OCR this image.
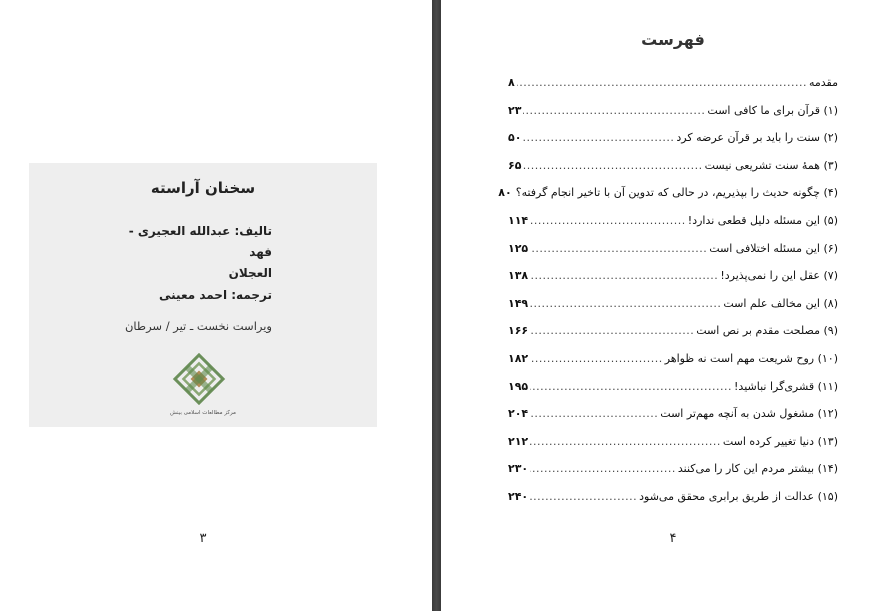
سخنان آراسته
تالیف: عبدالله العجیری - فهد
العجلان
ترجمه: احمد معینی
ویراست نخست ـ تیر / سرطان
مرکز مطالعات اسلامی بینش
۳
فهرست
مقدمه
.....
۸
(۱) قرآن برای ما کافی است
.....
۲۳
(۲) سنت را باید بر قرآن عرضه کرد
.....
۵۰
(۳) همهٔ سنت تشریعی نیست
.....
۶۵
(۴) چگونه حدیث را بپذیریم، در حالی که تدوین آن با تاخیر انجام گرفته؟
۸۰
(۵) این مسئله دلیل قطعی ندارد!
.....
۱۱۴
(۶) این مسئله اختلافی است
.....
۱۲۵
(۷) عقل این را نمی‌پذیرد!
.....
۱۳۸
(۸) این مخالف علم است
.....
۱۴۹
(۹) مصلحت مقدم بر نص است
.....
۱۶۶
(۱۰) روح شریعت مهم است نه ظواهر
.....
۱۸۲
(۱۱) قشری‌گرا نباشید!
.....
۱۹۵
(۱۲) مشغول شدن به آنچه مهم‌تر است
.....
۲۰۴
(۱۳) دنیا تغییر کرده است
.....
۲۱۲
(۱۴) بیشتر مردم این کار را می‌کنند
.....
۲۳۰
(۱۵) عدالت از طریق برابری محقق می‌شود
.....
۲۴۰
۴
